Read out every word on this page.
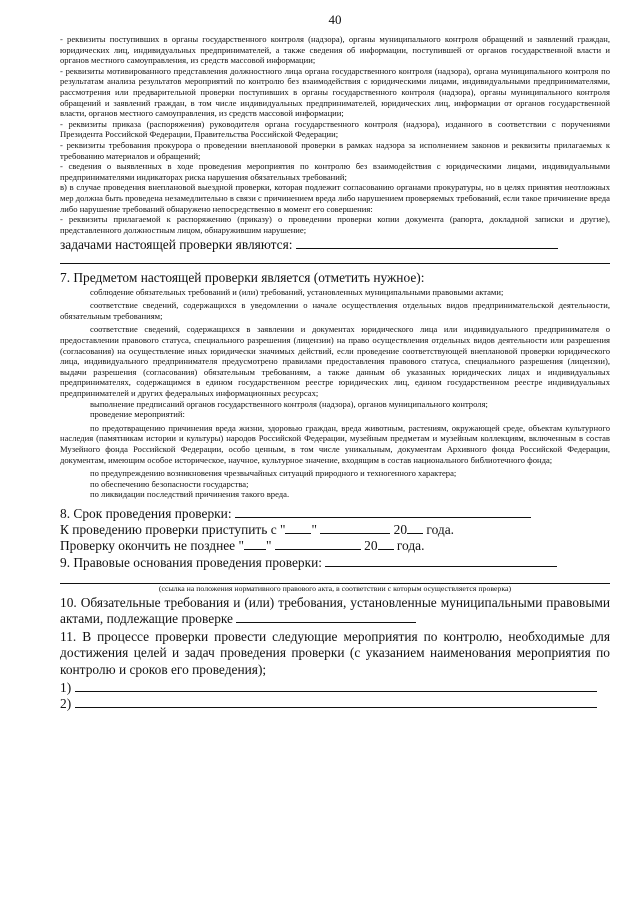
40

- реквизиты поступивших в органы государственного контроля (надзора), органы муниципального контроля обращений и заявлений граждан, юридических лиц, индивидуальных предпринимателей, а также сведения об информации, поступившей от органов государственной власти и органов местного самоуправления, из средств массовой информации;

- реквизиты мотивированного представления должностного лица органа государственного контроля (надзора), органа муниципального контроля по результатам анализа результатов мероприятий по контролю без взаимодействия с юридическими лицами, индивидуальными предпринимателями, рассмотрения или предварительной проверки поступивших в органы государственного контроля (надзора), органы муниципального контроля обращений и заявлений граждан, в том числе индивидуальных предпринимателей, юридических лиц, информации от органов государственной власти, органов местного самоуправления, из средств массовой информации;

- реквизиты приказа (распоряжения) руководителя органа государственного контроля (надзора), изданного в соответствии с поручениями Президента Российской Федерации, Правительства Российской Федерации;

- реквизиты требования прокурора о проведении внеплановой проверки в рамках надзора за исполнением законов и реквизиты прилагаемых к требованию материалов и обращений;

- сведения о выявленных в ходе проведения мероприятия по контролю без взаимодействия с юридическими лицами, индивидуальными предпринимателями индикаторах риска нарушения обязательных требований;

в) в случае проведения внеплановой выездной проверки, которая подлежит согласованию органами прокуратуры, но в целях принятия неотложных мер должна быть проведена незамедлительно в связи с причинением вреда либо нарушением проверяемых требований, если такое причинение вреда либо нарушение требований обнаружено непосредственно в момент его совершения:

- реквизиты прилагаемой к распоряжению (приказу) о проведении проверки копии документа (рапорта, докладной записки и другие), представленного должностным лицом, обнаружившим нарушение;

задачами настоящей проверки являются:

7. Предметом настоящей проверки является (отметить нужное):

соблюдение обязательных требований и (или) требований, установленных муниципальными правовыми актами;

соответствие сведений, содержащихся в уведомлении о начале осуществления отдельных видов предпринимательской деятельности, обязательным требованиям;

соответствие сведений, содержащихся в заявлении и документах юридического лица или индивидуального предпринимателя о предоставлении правового статуса, специального разрешения (лицензии) на право осуществления отдельных видов деятельности или разрешения (согласования) на осуществление иных юридически значимых действий, если проведение соответствующей внеплановой проверки юридического лица, индивидуального предпринимателя предусмотрено правилами предоставления правового статуса, специального разрешения (лицензии), выдачи разрешения (согласования) обязательным требованиям, а также данным об указанных юридических лицах и индивидуальных предпринимателях, содержащимся в едином государственном реестре юридических лиц, едином государственном реестре индивидуальных предпринимателей и других федеральных информационных ресурсах;

выполнение предписаний органов государственного контроля (надзора), органов муниципального контроля;

проведение мероприятий:

по предотвращению причинения вреда жизни, здоровью граждан, вреда животным, растениям, окружающей среде, объектам культурного наследия (памятникам истории и культуры) народов Российской Федерации, музейным предметам и музейным коллекциям, включенным в состав Музейного фонда Российской Федерации, особо ценным, в том числе уникальным, документам Архивного фонда Российской Федерации, документам, имеющим особое историческое, научное, культурное значение, входящим в состав национального библиотечного фонда;

по предупреждению возникновения чрезвычайных ситуаций природного и техногенного характера;

по обеспечению безопасности государства;

по ликвидации последствий причинения такого вреда.

8. Срок проведения проверки:

К проведению проверки приступить с " "	20 года.

Проверку окончить не позднее " "	20 года.

9. Правовые основания проведения проверки:

(ссылка на положения нормативного правового акта, в соответствии с которым осуществляется проверка)

10. Обязательные требования и (или) требования, установленные муниципальными правовыми актами, подлежащие проверке

11. В процессе проверки провести следующие мероприятия по контролю, необходимые для достижения целей и задач проведения проверки (с указанием наименования мероприятия по контролю и сроков его проведения);

1)

2)
